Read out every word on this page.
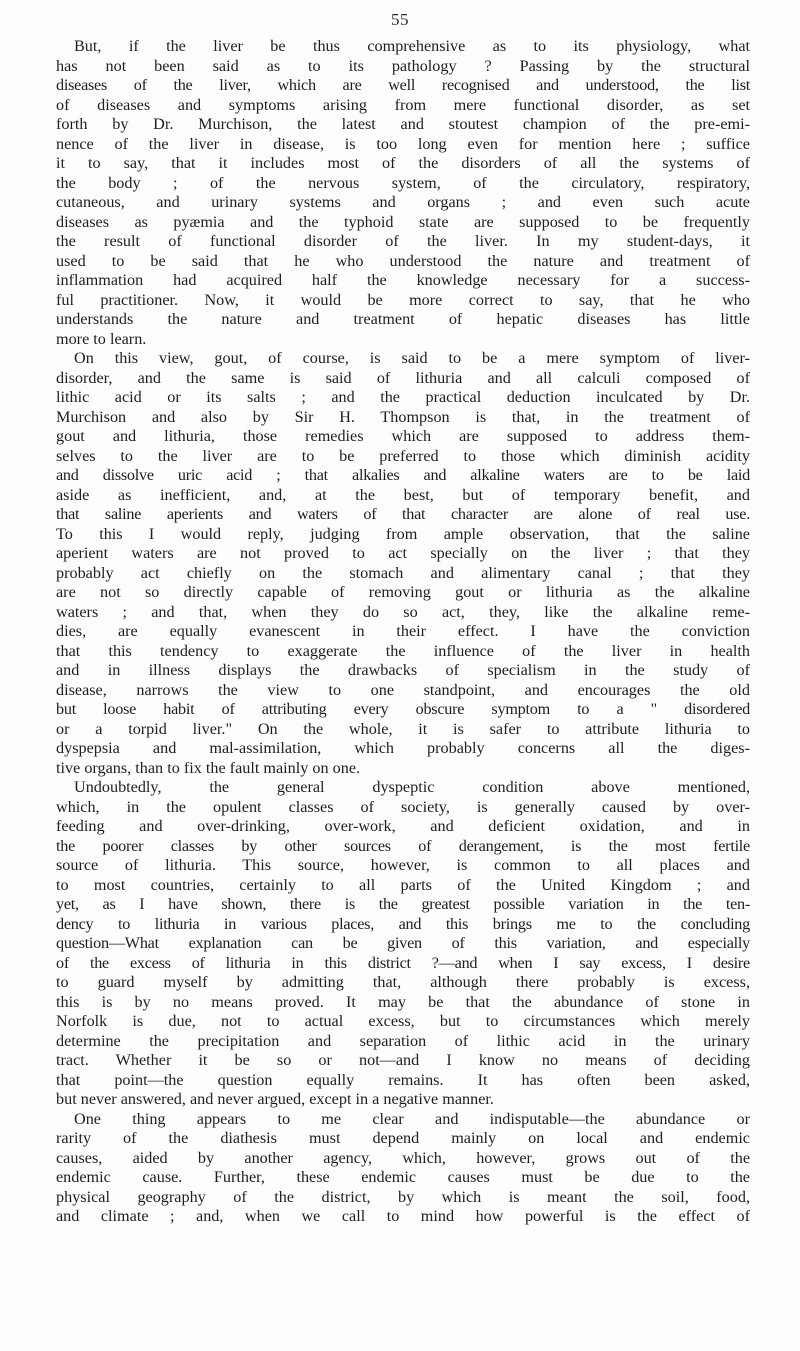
55
But, if the liver be thus comprehensive as to its physiology, what
has not been said as to its pathology ? Passing by the structural
diseases of the liver, which are well recognised and understood, the list
of diseases and symptoms arising from mere functional disorder, as set
forth by Dr. Murchison, the latest and stoutest champion of the pre-emi-
nence of the liver in disease, is too long even for mention here ; suffice
it to say, that it includes most of the disorders of all the systems of
the body ; of the nervous system, of the circulatory, respiratory,
cutaneous, and urinary systems and organs ; and even such acute
diseases as pyæmia and the typhoid state are supposed to be frequently
the result of functional disorder of the liver. In my student-days, it
used to be said that he who understood the nature and treatment of
inflammation had acquired half the knowledge necessary for a success-
ful practitioner. Now, it would be more correct to say, that he who
understands the nature and treatment of hepatic diseases has little
more to learn.
On this view, gout, of course, is said to be a mere symptom of liver-
disorder, and the same is said of lithuria and all calculi composed of
lithic acid or its salts ; and the practical deduction inculcated by Dr.
Murchison and also by Sir H. Thompson is that, in the treatment of
gout and lithuria, those remedies which are supposed to address them-
selves to the liver are to be preferred to those which diminish acidity
and dissolve uric acid ; that alkalies and alkaline waters are to be laid
aside as inefficient, and, at the best, but of temporary benefit, and
that saline aperients and waters of that character are alone of real use.
To this I would reply, judging from ample observation, that the saline
aperient waters are not proved to act specially on the liver ; that they
probably act chiefly on the stomach and alimentary canal ; that they
are not so directly capable of removing gout or lithuria as the alkaline
waters ; and that, when they do so act, they, like the alkaline reme-
dies, are equally evanescent in their effect. I have the conviction
that this tendency to exaggerate the influence of the liver in health
and in illness displays the drawbacks of specialism in the study of
disease, narrows the view to one standpoint, and encourages the old
but loose habit of attributing every obscure symptom to a " disordered
or a torpid liver." On the whole, it is safer to attribute lithuria to
dyspepsia and mal-assimilation, which probably concerns all the diges-
tive organs, than to fix the fault mainly on one.
Undoubtedly, the general dyspeptic condition above mentioned,
which, in the opulent classes of society, is generally caused by over-
feeding and over-drinking, over-work, and deficient oxidation, and in
the poorer classes by other sources of derangement, is the most fertile
source of lithuria. This source, however, is common to all places and
to most countries, certainly to all parts of the United Kingdom ; and
yet, as I have shown, there is the greatest possible variation in the ten-
dency to lithuria in various places, and this brings me to the concluding
question—What explanation can be given of this variation, and especially
of the excess of lithuria in this district ?—and when I say excess, I desire
to guard myself by admitting that, although there probably is excess,
this is by no means proved. It may be that the abundance of stone in
Norfolk is due, not to actual excess, but to circumstances which merely
determine the precipitation and separation of lithic acid in the urinary
tract. Whether it be so or not—and I know no means of deciding
that point—the question equally remains. It has often been asked,
but never answered, and never argued, except in a negative manner.
One thing appears to me clear and indisputable—the abundance or
rarity of the diathesis must depend mainly on local and endemic
causes, aided by another agency, which, however, grows out of the
endemic cause. Further, these endemic causes must be due to the
physical geography of the district, by which is meant the soil, food,
and climate ; and, when we call to mind how powerful is the effect of
